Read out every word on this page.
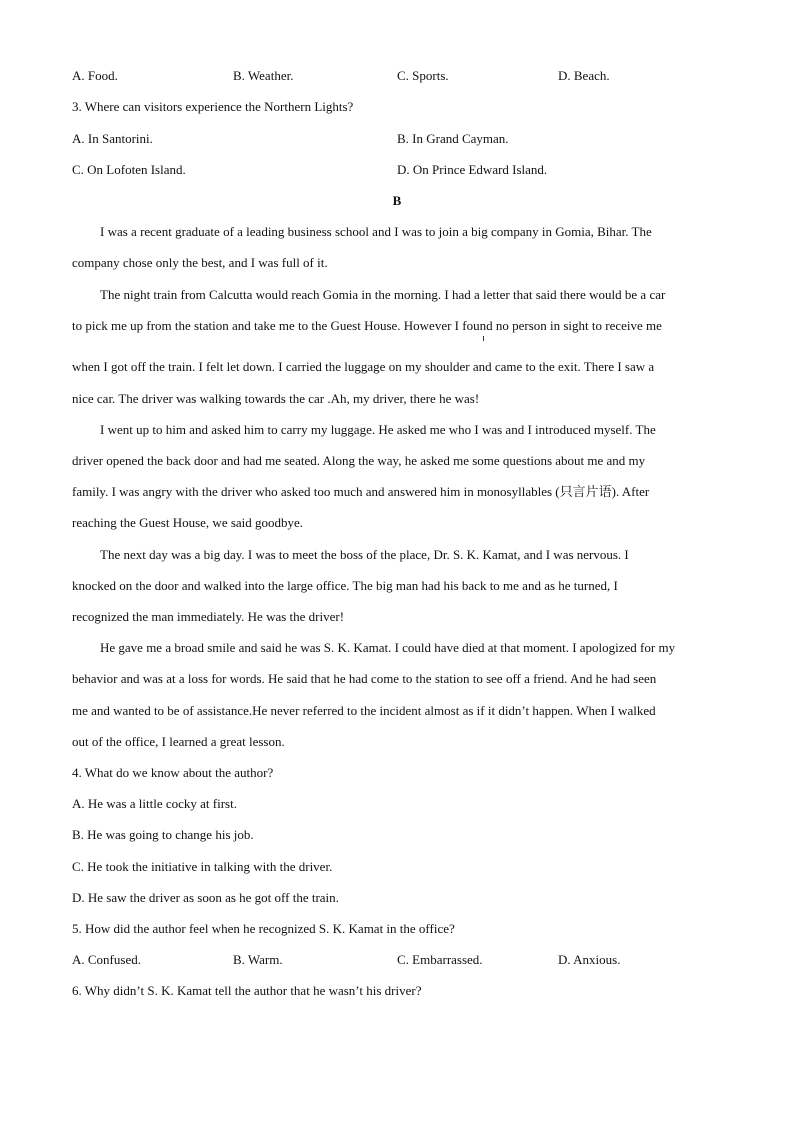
A. Food.	B. Weather.	C. Sports.	D. Beach.
3. Where can visitors experience the Northern Lights?
A. In Santorini.	B. In Grand Cayman.
C. On Lofoten Island.	D. On Prince Edward Island.
B
I was a recent graduate of a leading business school and I was to join a big company in Gomia, Bihar. The
company chose only the best, and I was full of it.
The night train from Calcutta would reach Gomia in the morning. I had a letter that said there would be a car
to pick me up from the station and take me to the Guest House. However I found no person in sight to receive me
when I got off the train. I felt let down. I carried the luggage on my shoulder and came to the exit. There I saw a
nice car. The driver was walking towards the car .Ah, my driver, there he was!
I went up to him and asked him to carry my luggage. He asked me who I was and I introduced myself. The
driver opened the back door and had me seated. Along the way, he asked me some questions about me and my
family. I was angry with the driver who asked too much and answered him in monosyllables (只言片语). After
reaching the Guest House, we said goodbye.
The next day was a big day. I was to meet the boss of the place, Dr. S. K. Kamat, and I was nervous. I
knocked on the door and walked into the large office. The big man had his back to me and as he turned, I
recognized the man immediately. He was the driver!
He gave me a broad smile and said he was S. K. Kamat. I could have died at that moment. I apologized for my
behavior and was at a loss for words. He said that he had come to the station to see off a friend. And he had seen
me and wanted to be of assistance.He never referred to the incident almost as if it didn’t happen. When I walked
out of the office, I learned a great lesson.
4. What do we know about the author?
A. He was a little cocky at first.
B. He was going to change his job.
C. He took the initiative in talking with the driver.
D. He saw the driver as soon as he got off the train.
5. How did the author feel when he recognized S. K. Kamat in the office?
A. Confused.	B. Warm.	C. Embarrassed.	D. Anxious.
6. Why didn’t S. K. Kamat tell the author that he wasn’t his driver?
